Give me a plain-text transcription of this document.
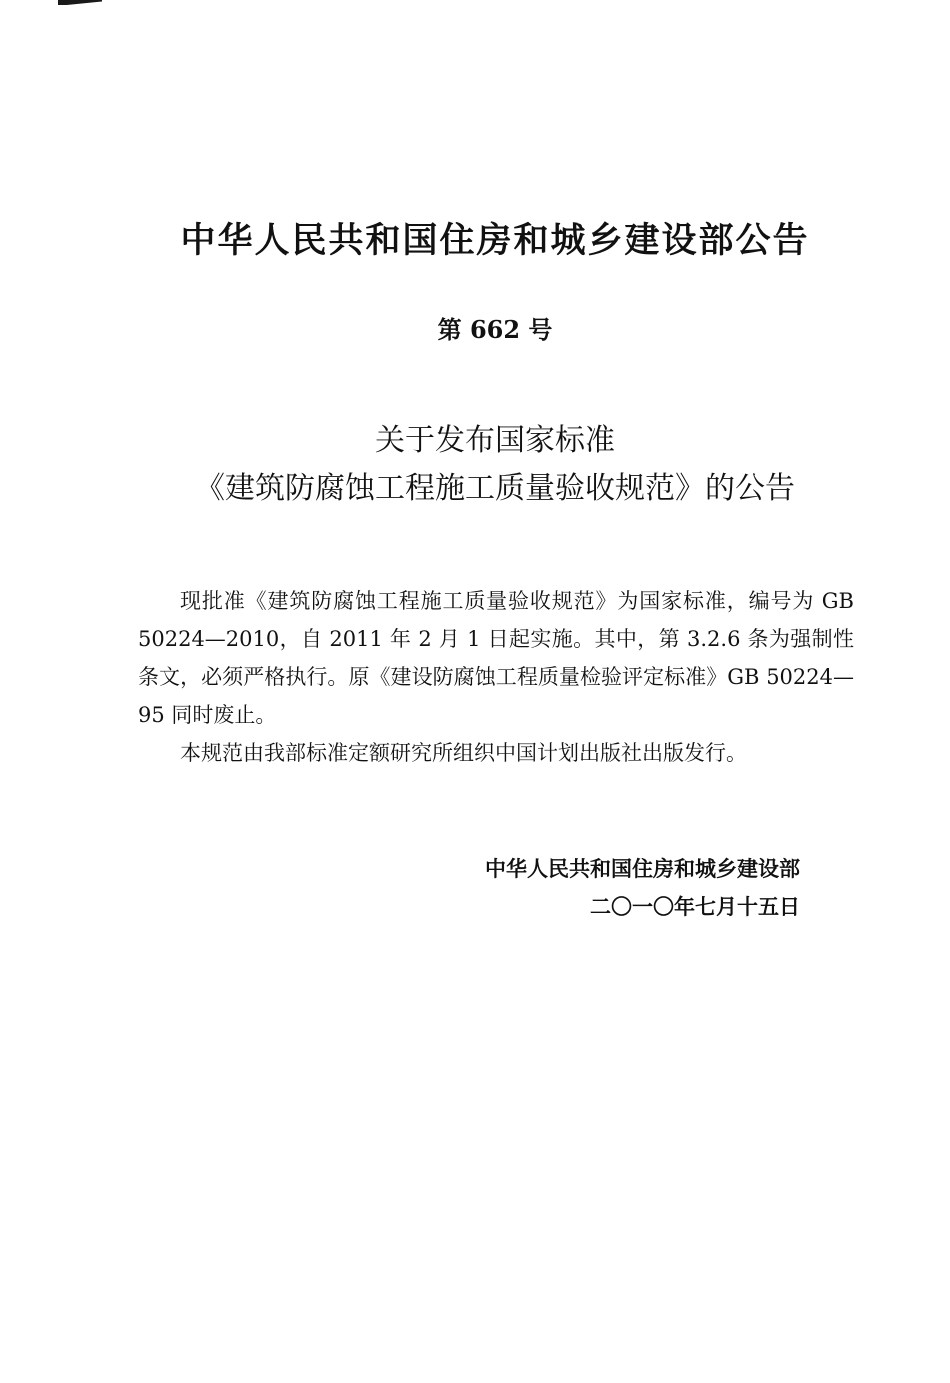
中华人民共和国住房和城乡建设部公告
第 662 号
关于发布国家标准
《建筑防腐蚀工程施工质量验收规范》的公告

现批准《建筑防腐蚀工程施工质量验收规范》为国家标准，编号为 GB 50224—2010，自 2011 年 2 月 1 日起实施。其中，第 3.2.6 条为强制性条文，必须严格执行。原《建设防腐蚀工程质量检验评定标准》GB 50224—95 同时废止。

本规范由我部标准定额研究所组织中国计划出版社出版发行。

中华人民共和国住房和城乡建设部
二〇一〇年七月十五日
